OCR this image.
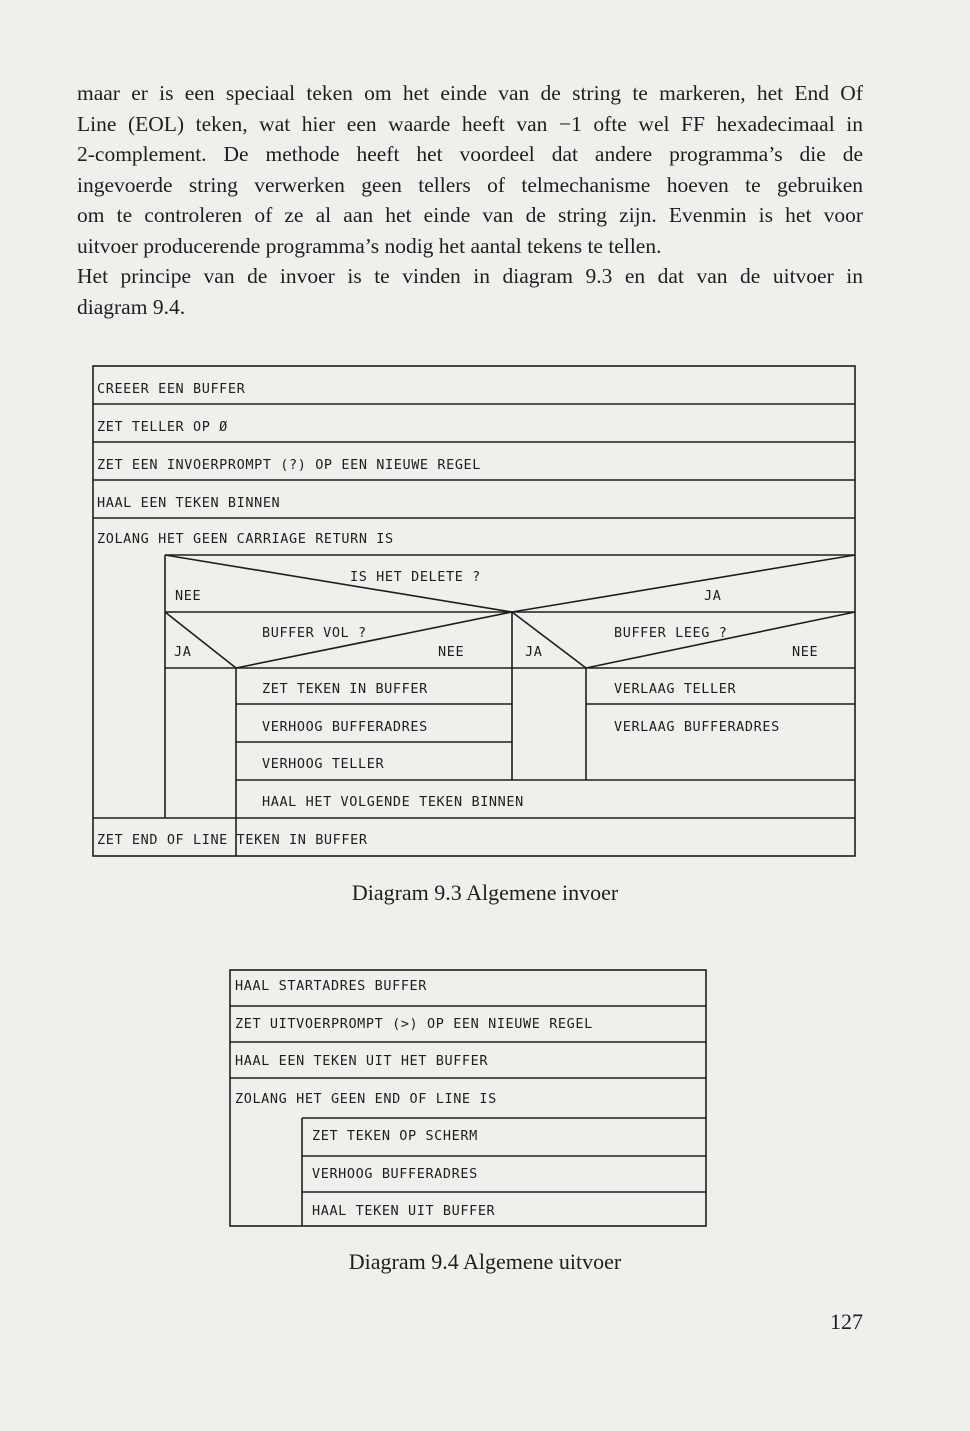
maar er is een speciaal teken om het einde van de string te markeren, het End Of
Line (EOL) teken, wat hier een waarde heeft van −1 ofte wel FF hexadecimaal in
2-complement. De methode heeft het voordeel dat andere programma’s die de
ingevoerde string verwerken geen tellers of telmechanisme hoeven te gebruiken
om te controleren of ze al aan het einde van de string zijn. Evenmin is het voor
uitvoer producerende programma’s nodig het aantal tekens te tellen.
Het principe van de invoer is te vinden in diagram 9.3 en dat van de uitvoer in
diagram 9.4.
CREEER EEN BUFFER
ZET TELLER OP Ø
ZET EEN INVOERPROMPT (?) OP EEN NIEUWE REGEL
HAAL EEN TEKEN BINNEN
ZOLANG HET GEEN CARRIAGE RETURN IS
IS HET DELETE ?
NEE	JA
BUFFER VOL ?
JA	NEE
BUFFER LEEG ?
JA	NEE
ZET TEKEN IN BUFFER
VERHOOG BUFFERADRES
VERHOOG TELLER
VERLAAG TELLER
VERLAAG BUFFERADRES
HAAL HET VOLGENDE TEKEN BINNEN
ZET END OF LINE TEKEN IN BUFFER

Diagram 9.3 Algemene invoer

HAAL STARTADRES BUFFER
ZET UITVOERPROMPT (>) OP EEN NIEUWE REGEL
HAAL EEN TEKEN UIT HET BUFFER
ZOLANG HET GEEN END OF LINE IS
ZET TEKEN OP SCHERM
VERHOOG BUFFERADRES
HAAL TEKEN UIT BUFFER

Diagram 9.4 Algemene uitvoer

127
